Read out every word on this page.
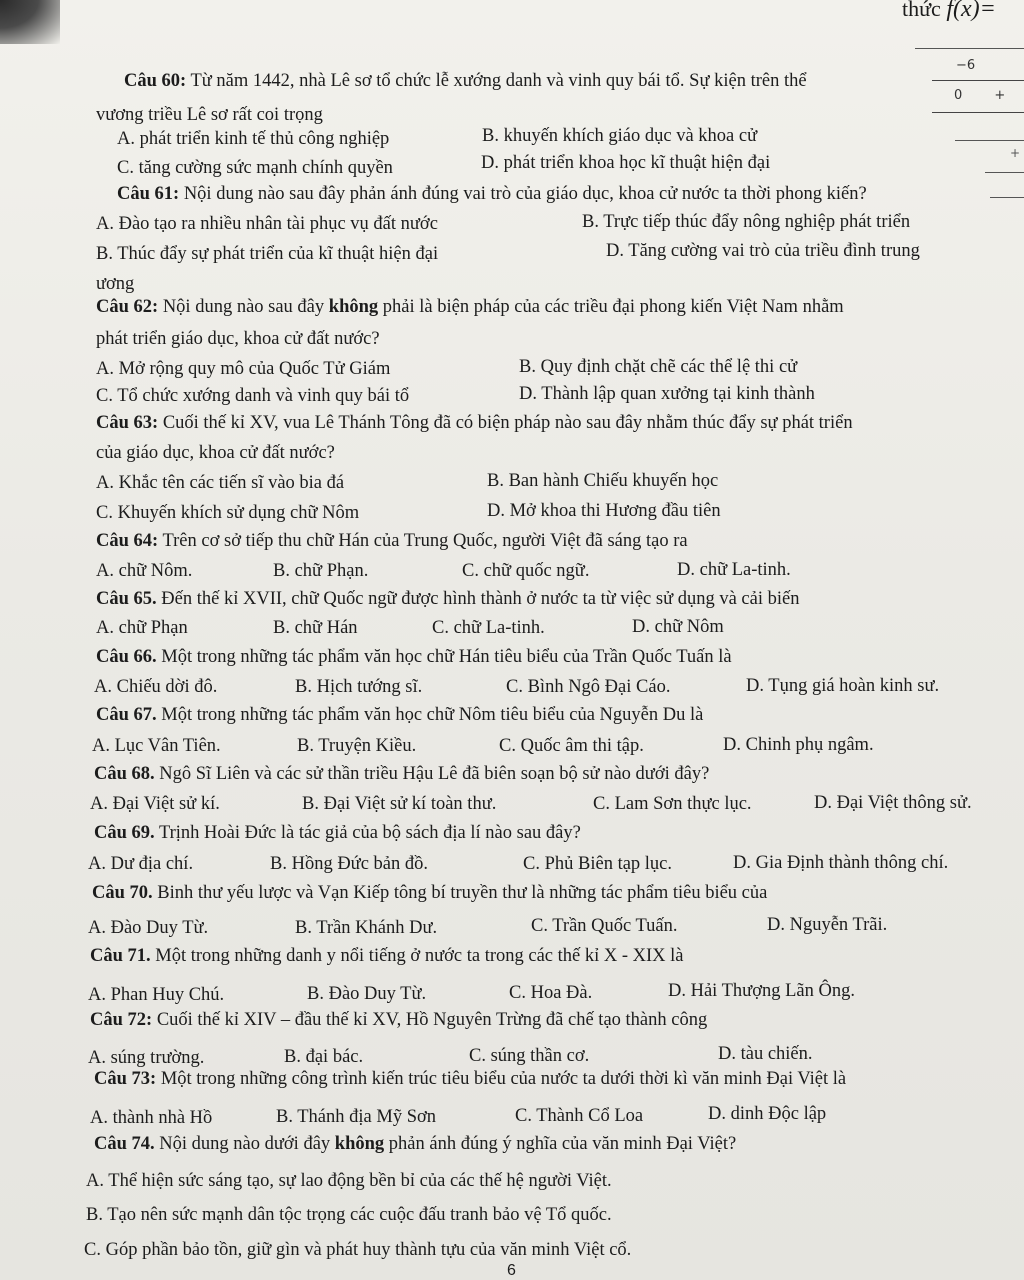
thức f(x)=
−6
0 +
+
Câu 60: Từ năm 1442, nhà Lê sơ tổ chức lễ xướng danh và vinh quy bái tổ. Sự kiện trên thể
vương triều Lê sơ rất coi trọng
A. phát triển kinh tế thủ công nghiệp	B. khuyến khích giáo dục và khoa cử
C. tăng cường sức mạnh chính quyền	D. phát triển khoa học kĩ thuật hiện đại
Câu 61: Nội dung nào sau đây phản ánh đúng vai trò của giáo dục, khoa cử nước ta thời phong kiến?
A. Đào tạo ra nhiều nhân tài phục vụ đất nước	B. Trực tiếp thúc đẩy nông nghiệp phát triển
B. Thúc đẩy sự phát triển của kĩ thuật hiện đại	D. Tăng cường vai trò của triều đình trung
ương
Câu 62: Nội dung nào sau đây không phải là biện pháp của các triều đại phong kiến Việt Nam nhằm
phát triển giáo dục, khoa cử đất nước?
A. Mở rộng quy mô của Quốc Tử Giám	B. Quy định chặt chẽ các thể lệ thi cử
C. Tổ chức xướng danh và vinh quy bái tổ	D. Thành lập quan xưởng tại kinh thành
Câu 63: Cuối thế kỉ XV, vua Lê Thánh Tông đã có biện pháp nào sau đây nhằm thúc đẩy sự phát triển
của giáo dục, khoa cử đất nước?
A. Khắc tên các tiến sĩ vào bia đá	B. Ban hành Chiếu khuyến học
C. Khuyến khích sử dụng chữ Nôm	D. Mở khoa thi Hương đầu tiên
Câu 64: Trên cơ sở tiếp thu chữ Hán của Trung Quốc, người Việt đã sáng tạo ra
A. chữ Nôm.	B. chữ Phạn.	C. chữ quốc ngữ.	D. chữ La-tinh.
Câu 65. Đến thế kỉ XVII, chữ Quốc ngữ được hình thành ở nước ta từ việc sử dụng và cải biến
A. chữ Phạn	B. chữ Hán	C. chữ La-tinh.	D. chữ Nôm
Câu 66. Một trong những tác phẩm văn học chữ Hán tiêu biểu của Trần Quốc Tuấn là
A. Chiếu dời đô.	B. Hịch tướng sĩ.	C. Bình Ngô Đại Cáo.	D. Tụng giá hoàn kinh sư.
Câu 67. Một trong những tác phẩm văn học chữ Nôm tiêu biểu của Nguyễn Du là
A. Lục Vân Tiên.	B. Truyện Kiều.	C. Quốc âm thi tập.	D. Chinh phụ ngâm.
Câu 68. Ngô Sĩ Liên và các sử thần triều Hậu Lê đã biên soạn bộ sử nào dưới đây?
A. Đại Việt sử kí.	B. Đại Việt sử kí toàn thư.	C. Lam Sơn thực lục.	D. Đại Việt thông sử.
Câu 69. Trịnh Hoài Đức là tác giả của bộ sách địa lí nào sau đây?
A. Dư địa chí.	B. Hồng Đức bản đồ.	C. Phủ Biên tạp lục.	D. Gia Định thành thông chí.
Câu 70. Binh thư yếu lược và Vạn Kiếp tông bí truyền thư là những tác phẩm tiêu biểu của
A. Đào Duy Từ.	B. Trần Khánh Dư.	C. Trần Quốc Tuấn.	D. Nguyễn Trãi.
Câu 71. Một trong những danh y nổi tiếng ở nước ta trong các thế kỉ X - XIX là
A. Phan Huy Chú.	B. Đào Duy Từ.	C. Hoa Đà.	D. Hải Thượng Lãn Ông.
Câu 72: Cuối thế kỉ XIV – đầu thế kỉ XV, Hồ Nguyên Trừng đã chế tạo thành công
A. súng trường.	B. đại bác.	C. súng thần cơ.	D. tàu chiến.
Câu 73: Một trong những công trình kiến trúc tiêu biểu của nước ta dưới thời kì văn minh Đại Việt là
A. thành nhà Hồ	B. Thánh địa Mỹ Sơn	C. Thành Cổ Loa	D. dinh Độc lập
Câu 74. Nội dung nào dưới đây không phản ánh đúng ý nghĩa của văn minh Đại Việt?
A. Thể hiện sức sáng tạo, sự lao động bền bỉ của các thế hệ người Việt.
B. Tạo nên sức mạnh dân tộc trọng các cuộc đấu tranh bảo vệ Tổ quốc.
C. Góp phần bảo tồn, giữ gìn và phát huy thành tựu của văn minh Việt cổ.
6
